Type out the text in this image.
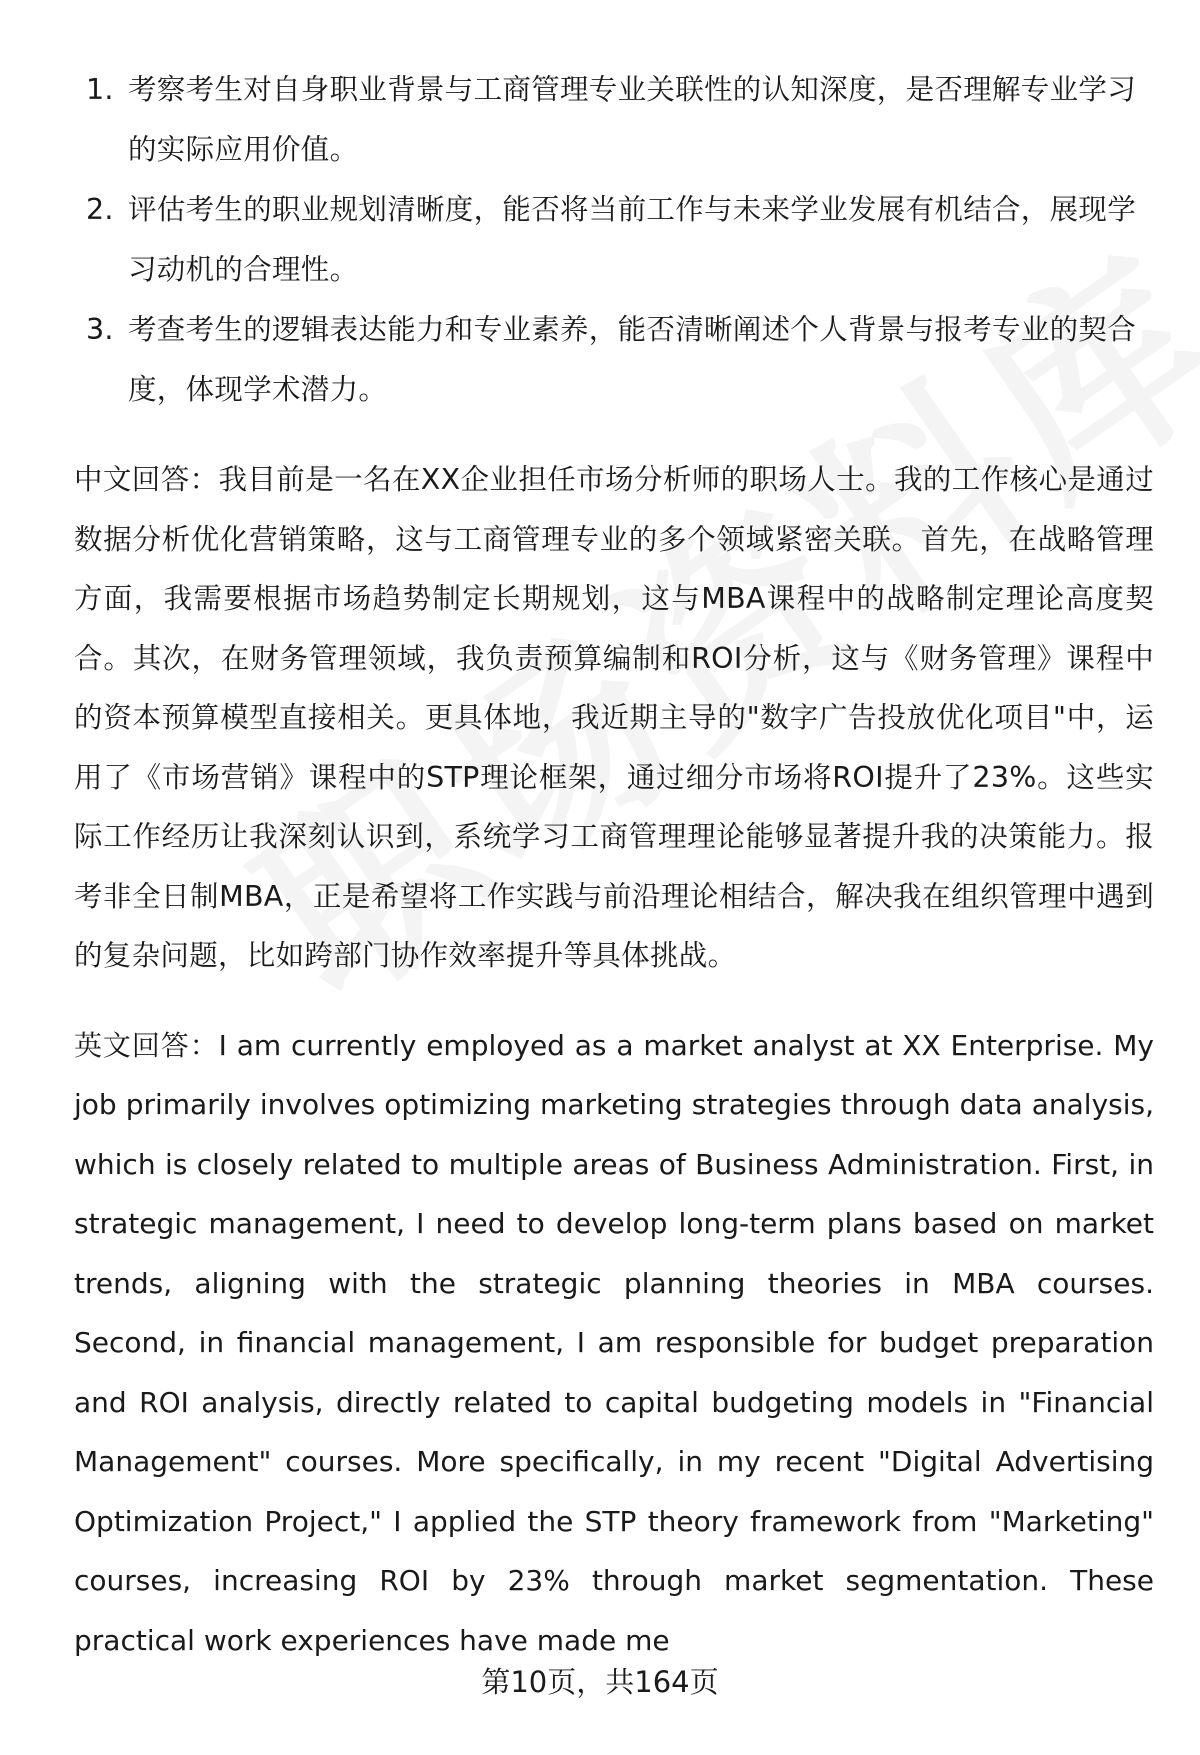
1. 考察考生对自身职业背景与工商管理专业关联性的认知深度，是否理解专业学习的实际应用价值。
2. 评估考生的职业规划清晰度，能否将当前工作与未来学业发展有机结合，展现学习动机的合理性。
3. 考查考生的逻辑表达能力和专业素养，能否清晰阐述个人背景与报考专业的契合度，体现学术潜力。

中文回答：我目前是一名在XX企业担任市场分析师的职场人士。我的工作核心是通过数据分析优化营销策略，这与工商管理专业的多个领域紧密关联。首先，在战略管理方面，我需要根据市场趋势制定长期规划，这与MBA课程中的战略制定理论高度契合。其次，在财务管理领域，我负责预算编制和ROI分析，这与《财务管理》课程中的资本预算模型直接相关。更具体地，我近期主导的"数字广告投放优化项目"中，运用了《市场营销》课程中的STP理论框架，通过细分市场将ROI提升了23%。这些实际工作经历让我深刻认识到，系统学习工商管理理论能够显著提升我的决策能力。报考非全日制MBA，正是希望将工作实践与前沿理论相结合，解决我在组织管理中遇到的复杂问题，比如跨部门协作效率提升等具体挑战。

英文回答：I am currently employed as a market analyst at XX Enterprise. My job primarily involves optimizing marketing strategies through data analysis, which is closely related to multiple areas of Business Administration. First, in strategic management, I need to develop long-term plans based on market trends, aligning with the strategic planning theories in MBA courses. Second, in financial management, I am responsible for budget preparation and ROI analysis, directly related to capital budgeting models in "Financial Management" courses. More specifically, in my recent "Digital Advertising Optimization Project," I applied the STP theory framework from "Marketing" courses, increasing ROI by 23% through market segmentation. These practical work experiences have made me

第10页，共164页
